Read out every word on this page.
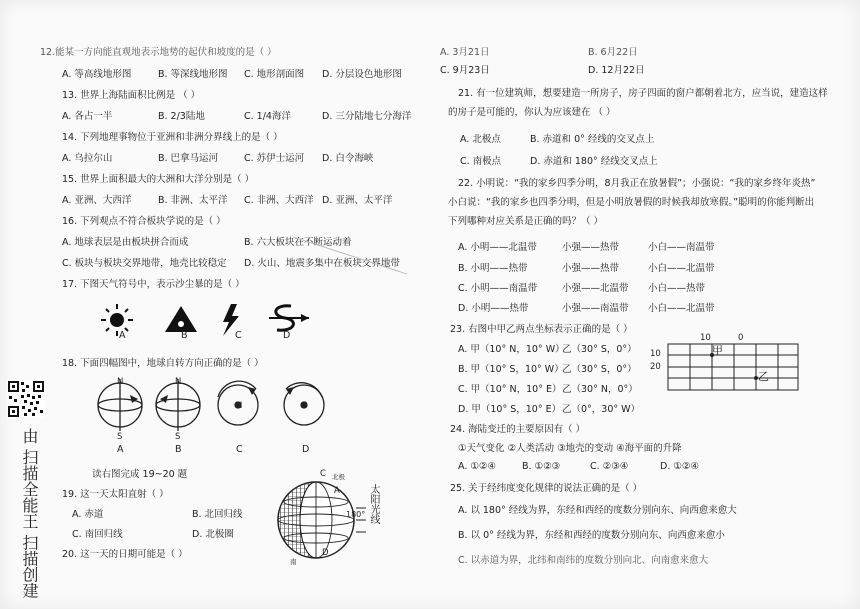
12.能某一方向能直观地表示地势的起伏和坡度的是（ ）
A. 等高线地形图	B. 等深线地形图 C. 地形剖面图 D. 分层设色地形图
13. 世界上海陆面积比例是 （ ）
A. 各占一半	B. 2/3陆地	C. 1/4海洋	D. 三分陆地七分海洋
14. 下列地理事物位于亚洲和非洲分界线上的是（ ）
A. 乌拉尔山	B. 巴拿马运河	C. 苏伊士运河 D. 白令海峡
15. 世界上面积最大的大洲和大洋分别是（ ）
A. 亚洲、大西洋	B. 非洲、太平洋 C. 非洲、大西洋 D. 亚洲、太平洋
16. 下列观点不符合板块学说的是（ ）
A. 地球表层是由板块拼合而成	B. 六大板块在不断运动着
C. 板块与板块交界地带，地壳比较稳定 D. 火山、地震多集中在板块交界地带
17. 下图天气符号中，表示沙尘暴的是（ ）
A	B	C	D
18. 下面四幅图中，地球自转方向正确的是（ ）
N
S
N
S
N	S
A	B	C	D
读右图完成 19~20 题
19. 这一天太阳直射（ ）
A. 赤道	B. 北回归线
C. 南回归线	D. 北极圈
20. 这一天的日期可能是（ ）
C 北极
A
180°
D
南
太阳光线
A. 3月21日	B. 6月22日
C. 9月23日	D. 12月22日
21. 有一位建筑师，想要建造一所房子，房子四面的窗户都朝着北方，应当说，建造这样
的房子是可能的，你认为应该建在 （ ）
A. 北极点	B. 赤道和 0° 经线的交叉点上
C. 南极点	D. 赤道和 180° 经线交叉点上
22. 小明说：“我的家乡四季分明，8月我正在放暑假”；小强说：“我的家乡终年炎热”
小白说：“我的家乡也四季分明，但是小明放暑假的时候我却放寒假。”聪明的你能判断出
下列哪种对应关系是正确的吗？（ ）
A. 小明——北温带	小强——热带	小白——南温带
B. 小明——热带	小强——热带	小白——北温带
C. 小明——南温带	小强——北温带 小白——热带
D. 小明——热带	小强——南温带 小白——北温带
23. 右图中甲乙两点坐标表示正确的是（ ）
A. 甲（10° N，10° W）
乙（30° S，0°）
B. 甲（10° S，10° W）
乙（30° S，0°）
C. 甲（10° N，10° E） 乙（30° N，0°）
D. 甲（10° S，10° E） 乙（0°，30° W）
10	0
10
20
甲
乙
24. 海陆变迁的主要原因有（ ）
①天气变化 ②人类活动 ③地壳的变动 ④海平面的升降
A. ①②④	B. ①②③	C. ②③④	D. ①②④
25. 关于经纬度变化规律的说法正确的是（ ）
A. 以 180° 经线为界，东经和西经的度数分别向东、向西愈来愈大
B. 以 0° 经线为界，东经和西经的度数分别向东、向西愈来愈小
C. 以赤道为界，北纬和南纬的度数分别向北、向南愈来愈大
由 扫描全能王 扫描创建
